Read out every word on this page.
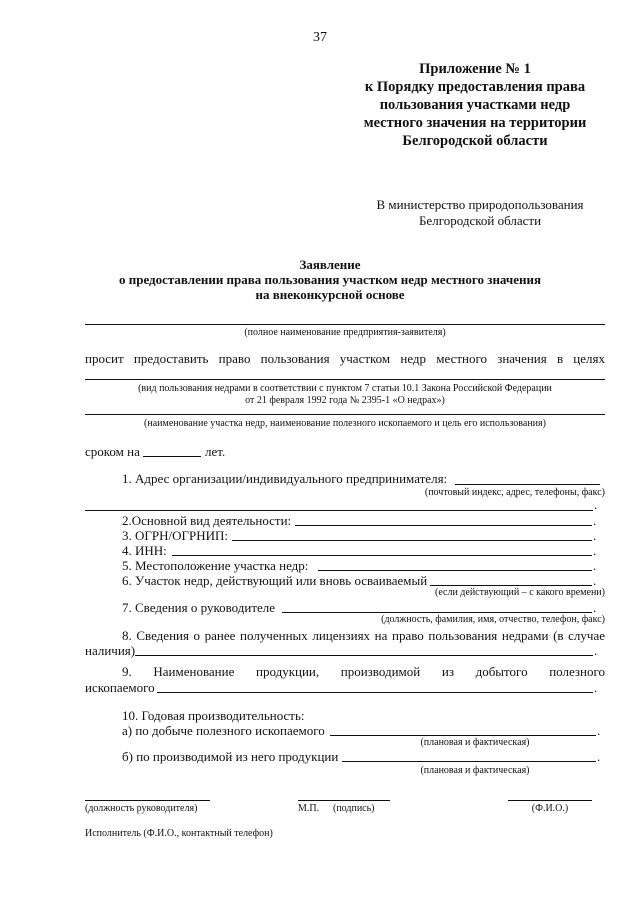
37
Приложение № 1
к Порядку предоставления права
пользования участками недр
местного значения на территории
Белгородской области
В министерство природопользования
Белгородской области
Заявление
о предоставлении права пользования участком недр местного значения
на внеконкурсной основе
(полное наименование предприятия-заявителя)
просит предоставить право пользования участком недр местного значения в целях
(вид пользования недрами в соответствии с пунктом 7 статьи 10.1 Закона Российской Федерации
от 21 февраля 1992 года № 2395-1 «О недрах»)
(наименование участка недр, наименование полезного ископаемого и цель его использования)
сроком на	лет.
1. Адрес организации/индивидуального предпринимателя:
(почтовый индекс, адрес, телефоны, факс)
.
2.Основной вид деятельности:	.
3. ОГРН/ОГРНИП:	.
4. ИНН:	.
5. Местоположение участка недр:	.
6. Участок недр, действующий или вновь осваиваемый	.
(если действующий – с какого времени)
7. Сведения о руководителе	.
(должность, фамилия, имя, отчество, телефон, факс)
8. Сведения о ранее полученных лицензиях на право пользования недрами (в случае
наличия)	.
9. Наименование продукции, производимой из добытого полезного
ископаемого	.
10. Годовая производительность:
а) по добыче полезного ископаемого	.
(плановая и фактическая)
б) по производимой из него продукции	.
(плановая и фактическая)
(должность руководителя)	М.П. (подпись)	(Ф.И.О.)
Исполнитель (Ф.И.О., контактный телефон)
